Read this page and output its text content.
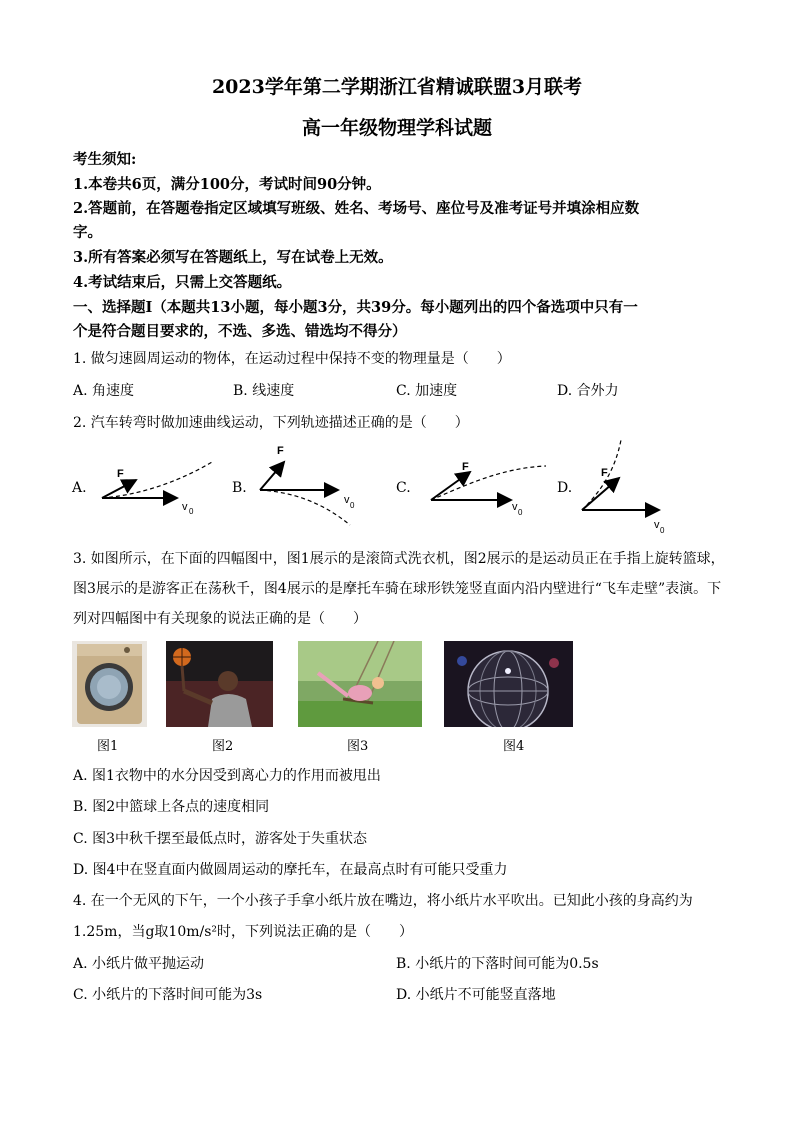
2023学年第二学期浙江省精诚联盟3月联考
高一年级物理学科试题
考生须知:
1.本卷共6页，满分100分，考试时间90分钟。
2.答题前，在答题卷指定区域填写班级、姓名、考场号、座位号及准考证号并填涂相应数
字。
3.所有答案必须写在答题纸上，写在试卷上无效。
4.考试结束后，只需上交答题纸。
一、选择题Ⅰ（本题共13小题，每小题3分，共39分。每小题列出的四个备选项中只有一
个是符合题目要求的，不选、多选、错选均不得分）
1. 做匀速圆周运动的物体，在运动过程中保持不变的物理量是（　　）
A. 角速度	B. 线速度	C. 加速度	D. 合外力
2. 汽车转弯时做加速曲线运动，下列轨迹描述正确的是（　　）
A.
F
v 0
B.
F
v 0
C.
F
v 0
D.
F
v 0
3. 如图所示，在下面的四幅图中，图1展示的是滚筒式洗衣机，图2展示的是运动员正在手指上旋转篮球，
图3展示的是游客正在荡秋千，图4展示的是摩托车骑在球形铁笼竖直面内沿内壁进行“飞车走壁”表演。下
列对四幅图中有关现象的说法正确的是（　　）
图1	图2	图3	图4
A. 图1衣物中的水分因受到离心力的作用而被甩出
B. 图2中篮球上各点的速度相同
C. 图3中秋千摆至最低点时，游客处于失重状态
D. 图4中在竖直面内做圆周运动的摩托车，在最高点时有可能只受重力
4. 在一个无风的下午，一个小孩子手拿小纸片放在嘴边，将小纸片水平吹出。已知此小孩的身高约为
1.25m，当g取10m/s²时，下列说法正确的是（　　）
A. 小纸片做平抛运动	B. 小纸片的下落时间可能为0.5s
C. 小纸片的下落时间可能为3s	D. 小纸片不可能竖直落地
